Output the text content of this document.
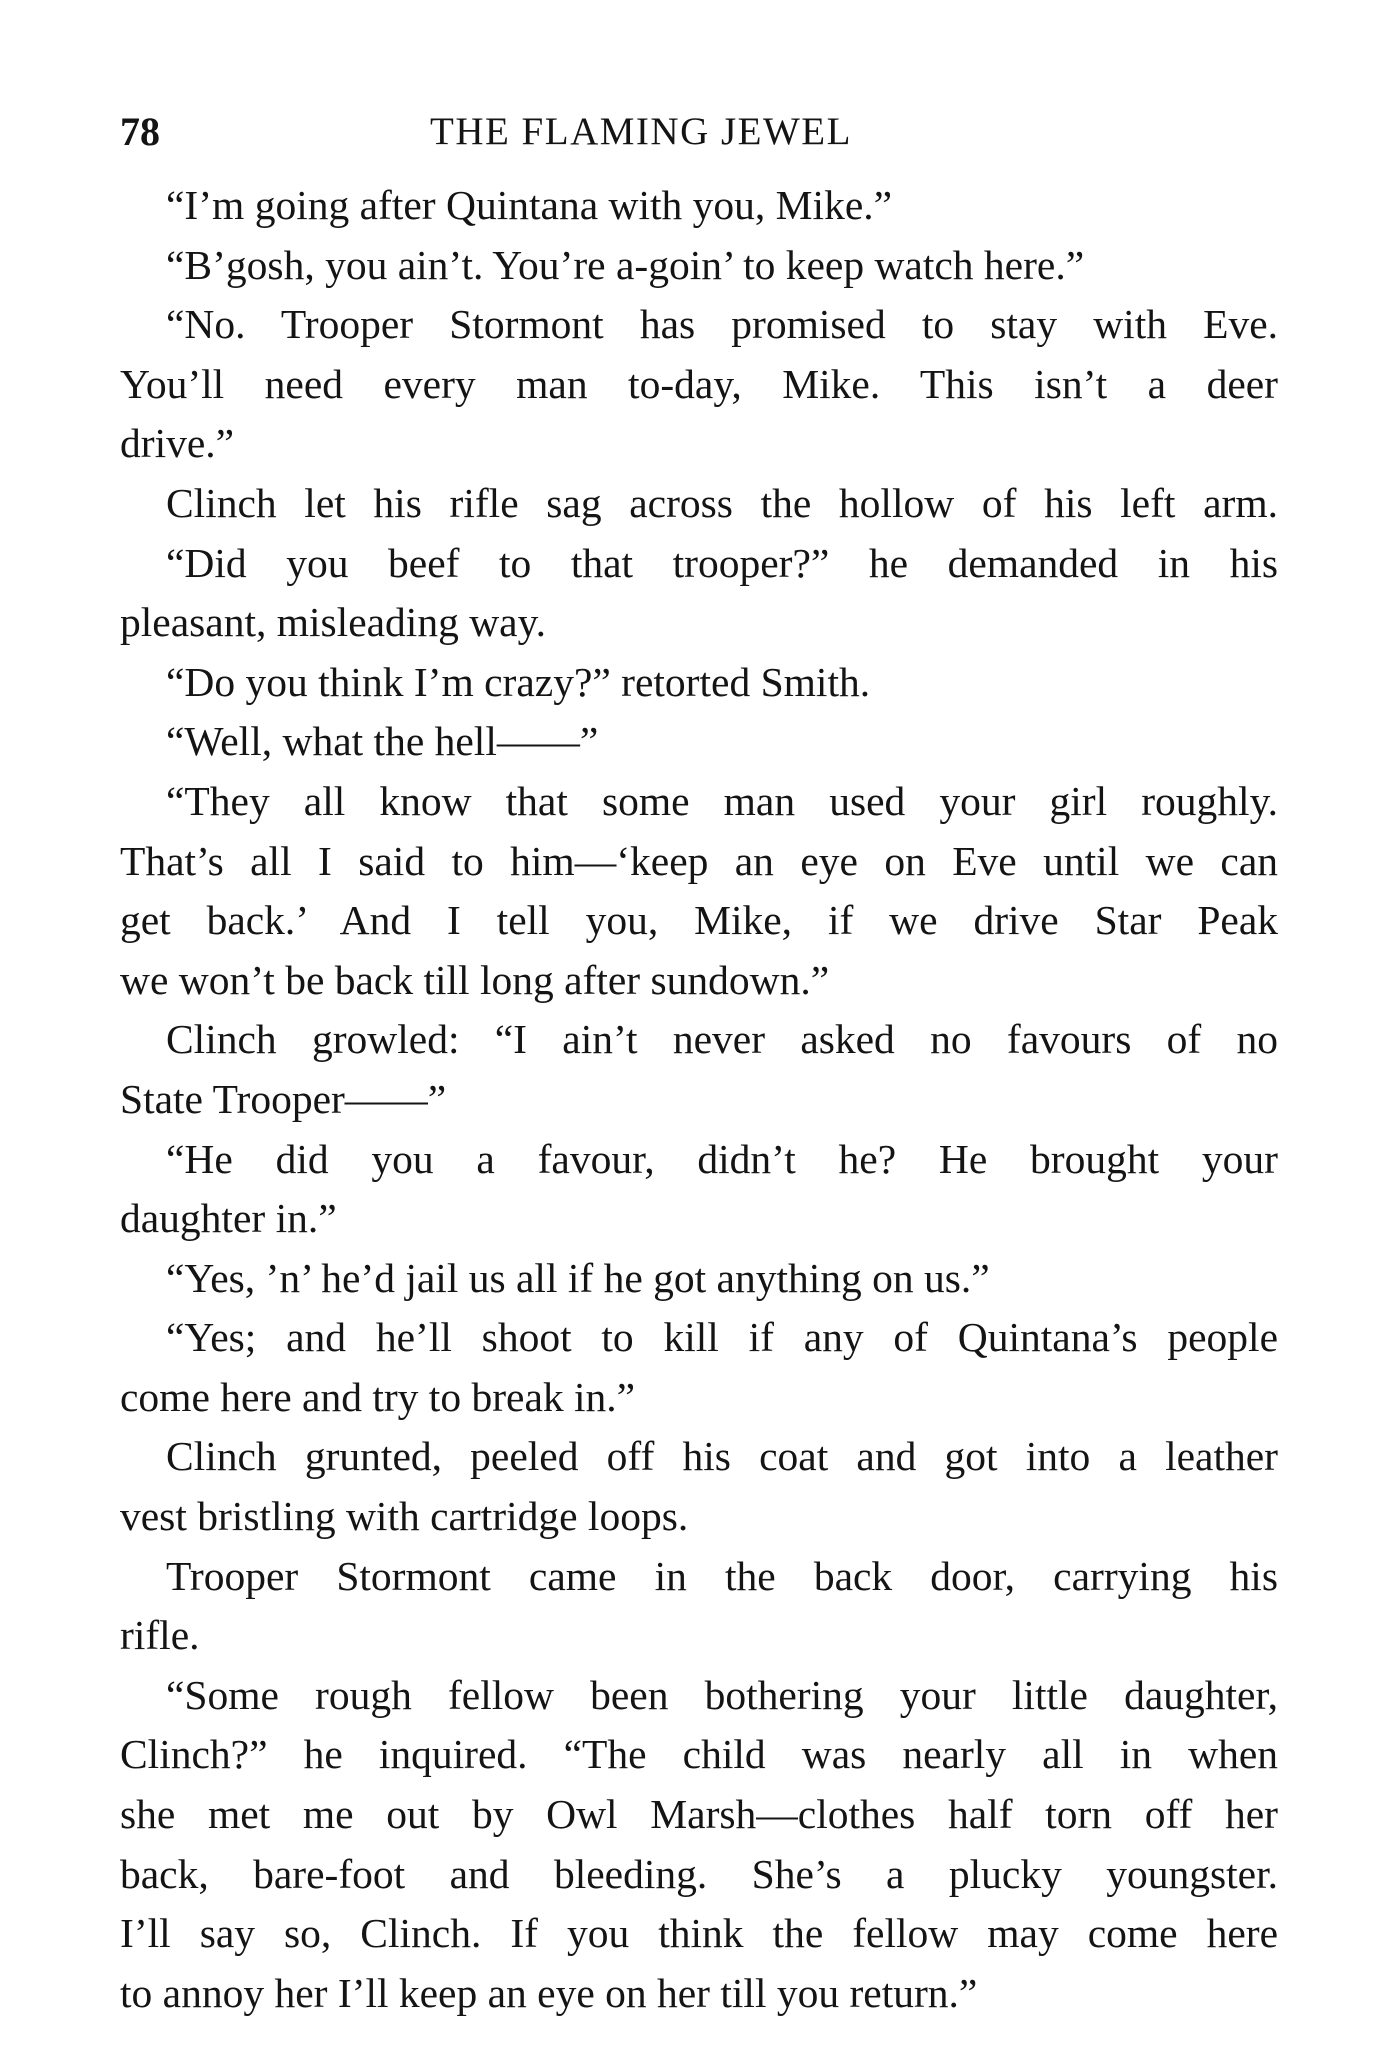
78	THE FLAMING JEWEL
“I’m going after Quintana with you, Mike.”
“B’gosh, you ain’t. You’re a-goin’ to keep watch here.”
“No. Trooper Stormont has promised to stay with Eve.
You’ll need every man to-day, Mike. This isn’t a deer
drive.”
Clinch let his rifle sag across the hollow of his left arm.
“Did you beef to that trooper?” he demanded in his
pleasant, misleading way.
“Do you think I’m crazy?” retorted Smith.
“Well, what the hell——”
“They all know that some man used your girl roughly.
That’s all I said to him—‘keep an eye on Eve until we can
get back.’ And I tell you, Mike, if we drive Star Peak
we won’t be back till long after sundown.”
Clinch growled: “I ain’t never asked no favours of no
State Trooper——”
“He did you a favour, didn’t he? He brought your
daughter in.”
“Yes, ’n’ he’d jail us all if he got anything on us.”
“Yes; and he’ll shoot to kill if any of Quintana’s people
come here and try to break in.”
Clinch grunted, peeled off his coat and got into a leather
vest bristling with cartridge loops.
Trooper Stormont came in the back door, carrying his
rifle.
“Some rough fellow been bothering your little daughter,
Clinch?” he inquired. “The child was nearly all in when
she met me out by Owl Marsh—clothes half torn off her
back, bare-foot and bleeding. She’s a plucky youngster.
I’ll say so, Clinch. If you think the fellow may come here
to annoy her I’ll keep an eye on her till you return.”
